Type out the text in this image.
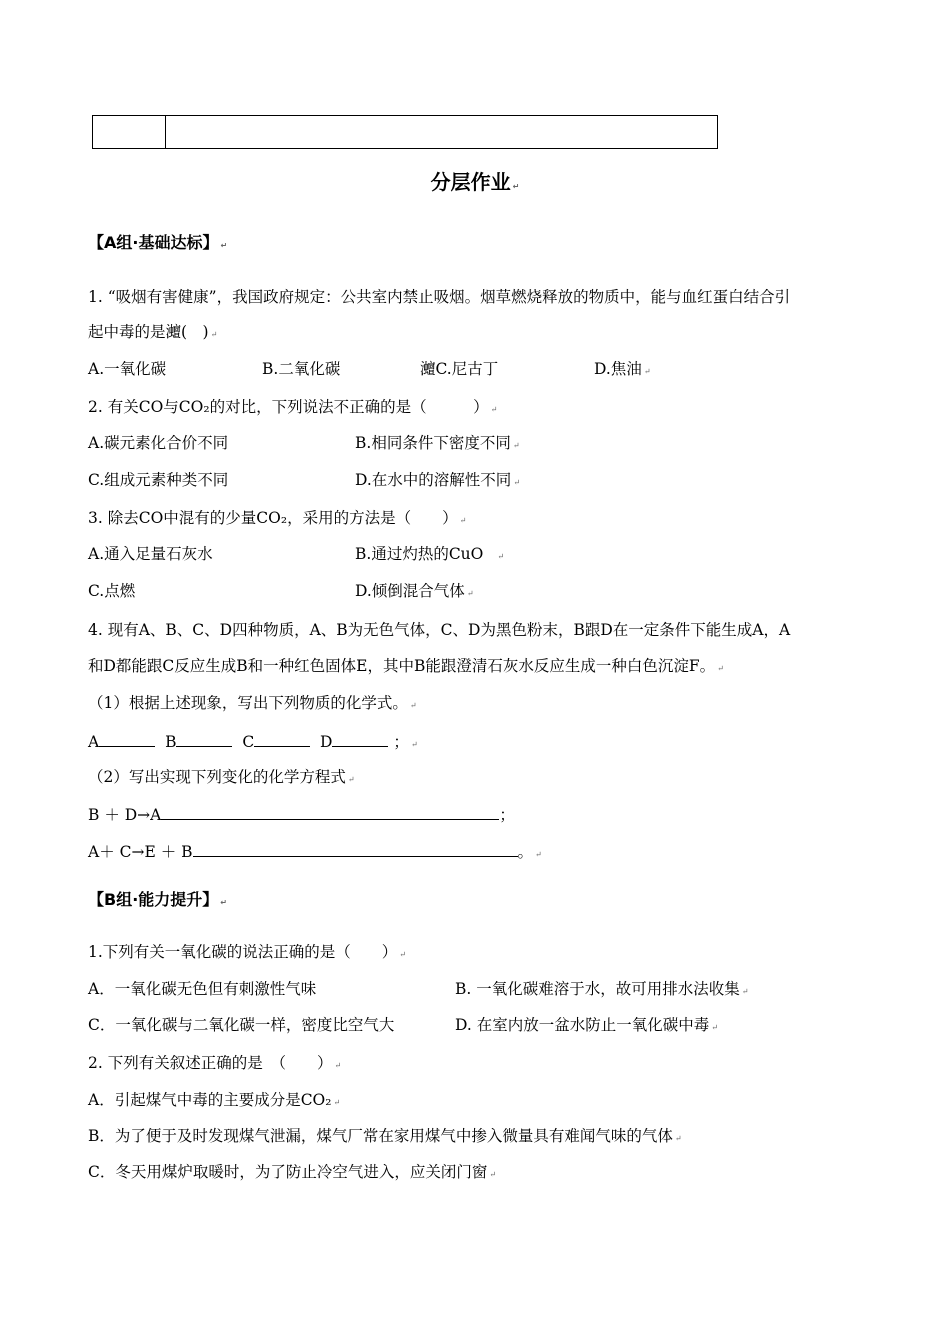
分层作业 ↵
【A组·基础达标】 ↵
1. “吸烟有害健康”，我国政府规定：公共室内禁止吸烟。烟草燃烧释放的物质中，能与血红蛋白结合引
起中毒的是灗(　) ↵
A.一氧化碳	B.二氧化碳	灗C.尼古丁	D.焦油 ↵
2. 有关CO与CO₂的对比，下列说法不正确的是（　　　） ↵
A.碳元素化合价不同	B.相同条件下密度不同 ↵
C.组成元素种类不同	D.在水中的溶解性不同 ↵
3. 除去CO中混有的少量CO₂，采用的方法是（　　） ↵
A.通入足量石灰水	B.通过灼热的CuO ↵
C.点燃	D.倾倒混合气体 ↵
4. 现有A、B、C、D四种物质，A、B为无色气体，C、D为黑色粉末，B跟D在一定条件下能生成A，A
和D都能跟C反应生成B和一种红色固体E，其中B能跟澄清石灰水反应生成一种白色沉淀F。 ↵
（1）根据上述现象，写出下列物质的化学式。 ↵
A	B	C	D	； ↵
（2）写出实现下列变化的化学方程式 ↵
B ＋ D→A	；
A＋ C→E ＋ B	。 ↵
【B组·能力提升】 ↵
1.下列有关一氧化碳的说法正确的是（　　） ↵
A．一氧化碳无色但有刺激性气味	B. 一氧化碳难溶于水，故可用排水法收集 ↵
C．一氧化碳与二氧化碳一样，密度比空气大	D. 在室内放一盆水防止一氧化碳中毒 ↵
2. 下列有关叙述正确的是　（　　） ↵
A．引起煤气中毒的主要成分是CO₂ ↵
B．为了便于及时发现煤气泄漏，煤气厂常在家用煤气中掺入微量具有难闻气味的气体 ↵
C．冬天用煤炉取暖时，为了防止冷空气进入，应关闭门窗 ↵
